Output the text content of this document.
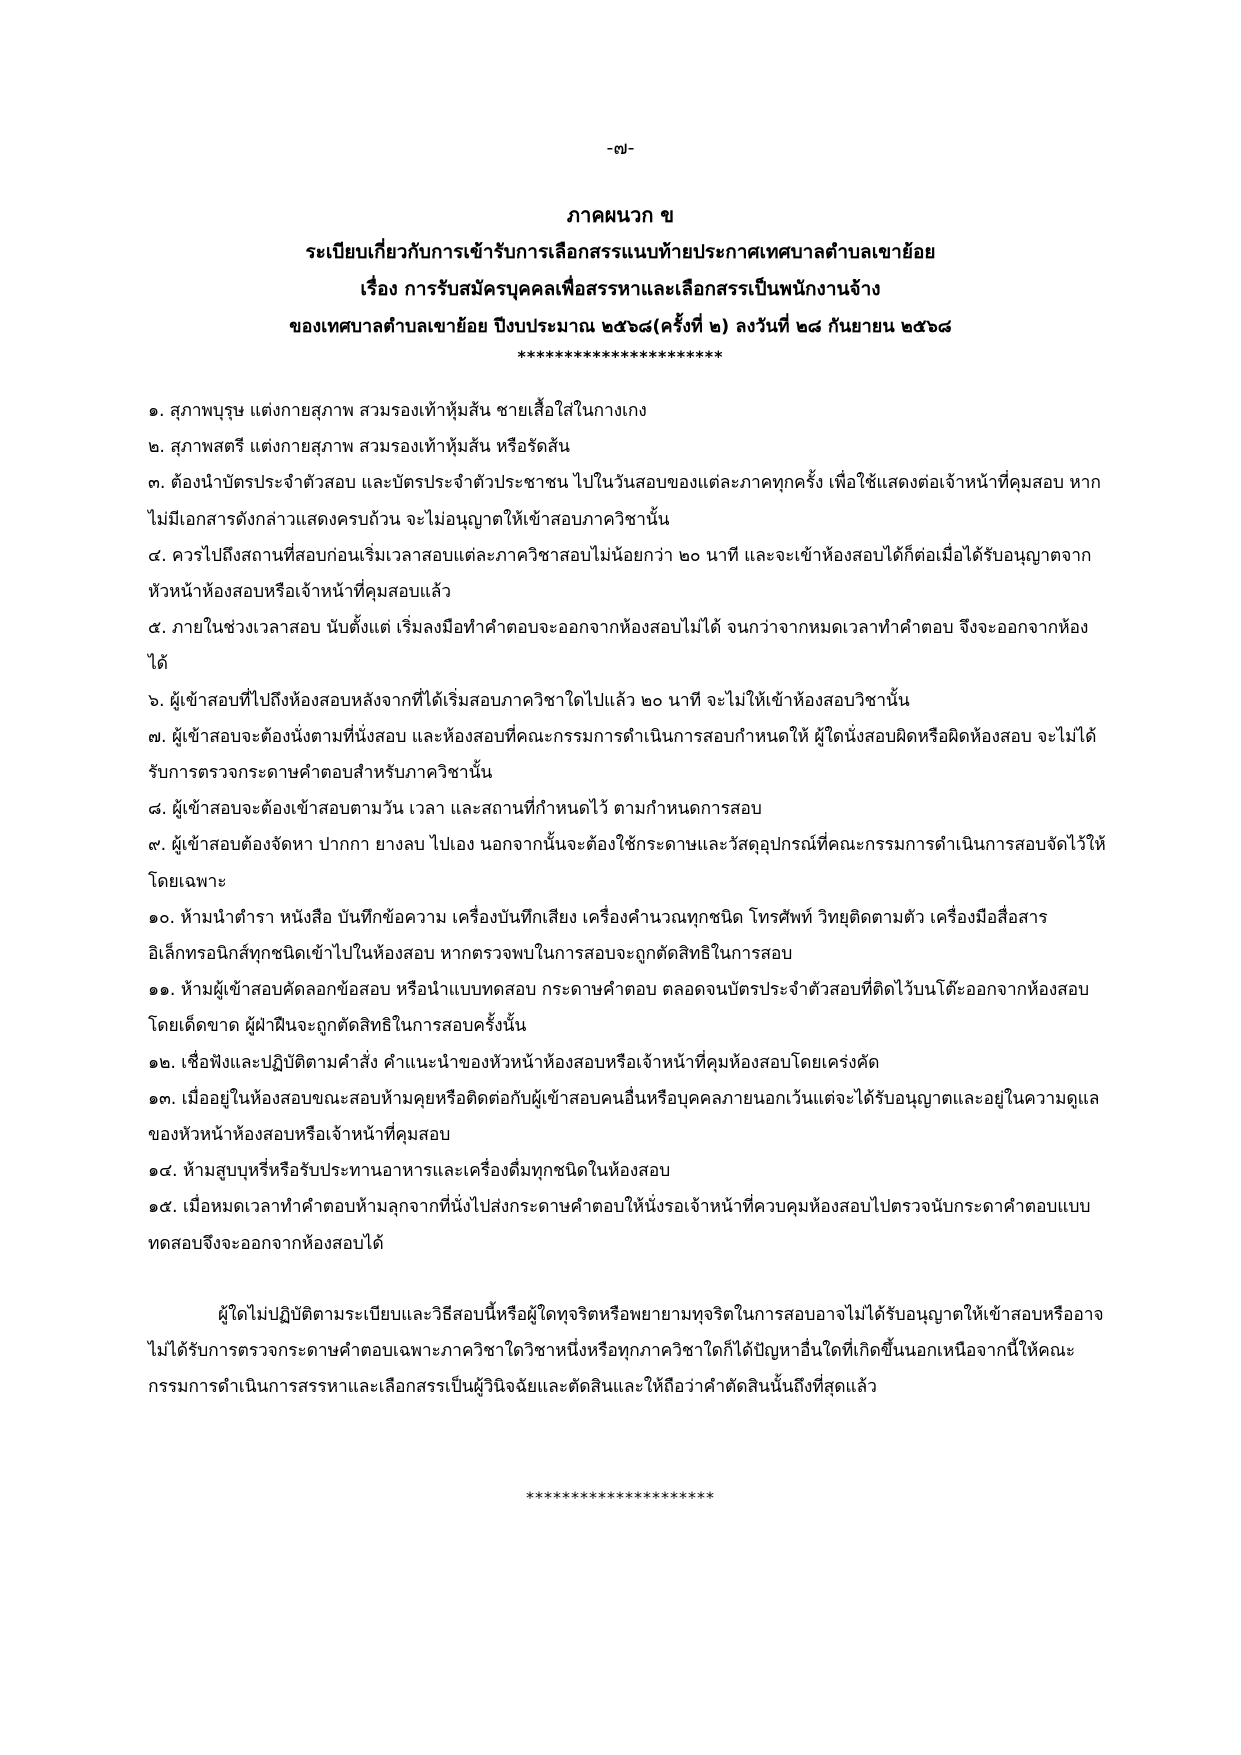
-๗-
ภาคผนวก ข
ระเบียบเกี่ยวกับการเข้ารับการเลือกสรรแนบท้ายประกาศเทศบาลตำบลเขาย้อย
เรื่อง การรับสมัครบุคคลเพื่อสรรหาและเลือกสรรเป็นพนักงานจ้าง
ของเทศบาลตำบลเขาย้อย ปีงบประมาณ ๒๕๖๘(ครั้งที่ ๒) ลงวันที่ ๒๘ กันยายน ๒๕๖๘
**********************
๑. สุภาพบุรุษ แต่งกายสุภาพ สวมรองเท้าหุ้มส้น ชายเสื้อใส่ในกางเกง
๒. สุภาพสตรี แต่งกายสุภาพ สวมรองเท้าหุ้มส้น หรือรัดส้น
๓. ต้องนำบัตรประจำตัวสอบ และบัตรประจำตัวประชาชน ไปในวันสอบของแต่ละภาคทุกครั้ง เพื่อใช้แสดงต่อเจ้าหน้าที่คุมสอบ หากไม่มีเอกสารดังกล่าวแสดงครบถ้วน จะไม่อนุญาตให้เข้าสอบภาควิชานั้น
๔. ควรไปถึงสถานที่สอบก่อนเริ่มเวลาสอบแต่ละภาควิชาสอบไม่น้อยกว่า ๒๐ นาที และจะเข้าห้องสอบได้ก็ต่อเมื่อได้รับอนุญาตจากหัวหน้าห้องสอบหรือเจ้าหน้าที่คุมสอบแล้ว
๕. ภายในช่วงเวลาสอบ นับตั้งแต่ เริ่มลงมือทำคำตอบจะออกจากห้องสอบไม่ได้ จนกว่าจากหมดเวลาทำคำตอบ จึงจะออกจากห้องได้
๖. ผู้เข้าสอบที่ไปถึงห้องสอบหลังจากที่ได้เริ่มสอบภาควิชาใดไปแล้ว ๒๐ นาที จะไม่ให้เข้าห้องสอบวิชานั้น
๗. ผู้เข้าสอบจะต้องนั่งตามที่นั่งสอบ และห้องสอบที่คณะกรรมการดำเนินการสอบกำหนดให้ ผู้ใดนั่งสอบผิดหรือผิดห้องสอบ จะไม่ได้รับการตรวจกระดาษคำตอบสำหรับภาควิชานั้น
๘. ผู้เข้าสอบจะต้องเข้าสอบตามวัน เวลา และสถานที่กำหนดไว้ ตามกำหนดการสอบ
๙. ผู้เข้าสอบต้องจัดหา ปากกา ยางลบ ไปเอง นอกจากนั้นจะต้องใช้กระดาษและวัสดุอุปกรณ์ที่คณะกรรมการดำเนินการสอบจัดไว้ให้โดยเฉพาะ
๑๐. ห้ามนำตำรา หนังสือ บันทึกข้อความ เครื่องบันทึกเสียง เครื่องคำนวณทุกชนิด โทรศัพท์ วิทยุติดตามตัว เครื่องมือสื่อสารอิเล็กทรอนิกส์ทุกชนิดเข้าไปในห้องสอบ หากตรวจพบในการสอบจะถูกตัดสิทธิในการสอบ
๑๑. ห้ามผู้เข้าสอบคัดลอกข้อสอบ หรือนำแบบทดสอบ กระดาษคำตอบ ตลอดจนบัตรประจำตัวสอบที่ติดไว้บนโต๊ะออกจากห้องสอบโดยเด็ดขาด ผู้ฝ่าฝืนจะถูกตัดสิทธิในการสอบครั้งนั้น
๑๒. เชื่อฟังและปฏิบัติตามคำสั่ง คำแนะนำของหัวหน้าห้องสอบหรือเจ้าหน้าที่คุมห้องสอบโดยเคร่งคัด
๑๓. เมื่ออยู่ในห้องสอบขณะสอบห้ามคุยหรือติดต่อกับผู้เข้าสอบคนอื่นหรือบุคคลภายนอกเว้นแต่จะได้รับอนุญาตและอยู่ในความดูแลของหัวหน้าห้องสอบหรือเจ้าหน้าที่คุมสอบ
๑๔. ห้ามสูบบุหรี่หรือรับประทานอาหารและเครื่องดื่มทุกชนิดในห้องสอบ
๑๕. เมื่อหมดเวลาทำคำตอบห้ามลุกจากที่นั่งไปส่งกระดาษคำตอบให้นั่งรอเจ้าหน้าที่ควบคุมห้องสอบไปตรวจนับกระดาคำตอบแบบทดสอบจึงจะออกจากห้องสอบได้

ผู้ใดไม่ปฏิบัติตามระเบียบและวิธีสอบนี้หรือผู้ใดทุจริตหรือพยายามทุจริตในการสอบอาจไม่ได้รับอนุญาตให้เข้าสอบหรืออาจไม่ได้รับการตรวจกระดาษคำตอบเฉพาะภาควิชาใดวิชาหนึ่งหรือทุกภาควิชาใดก็ได้ปัญหาอื่นใดที่เกิดขึ้นนอกเหนือจากนี้ให้คณะกรรมการดำเนินการสรรหาและเลือกสรรเป็นผู้วินิจฉัยและตัดสินและให้ถือว่าคำตัดสินนั้นถึงที่สุดแล้ว

*********************
